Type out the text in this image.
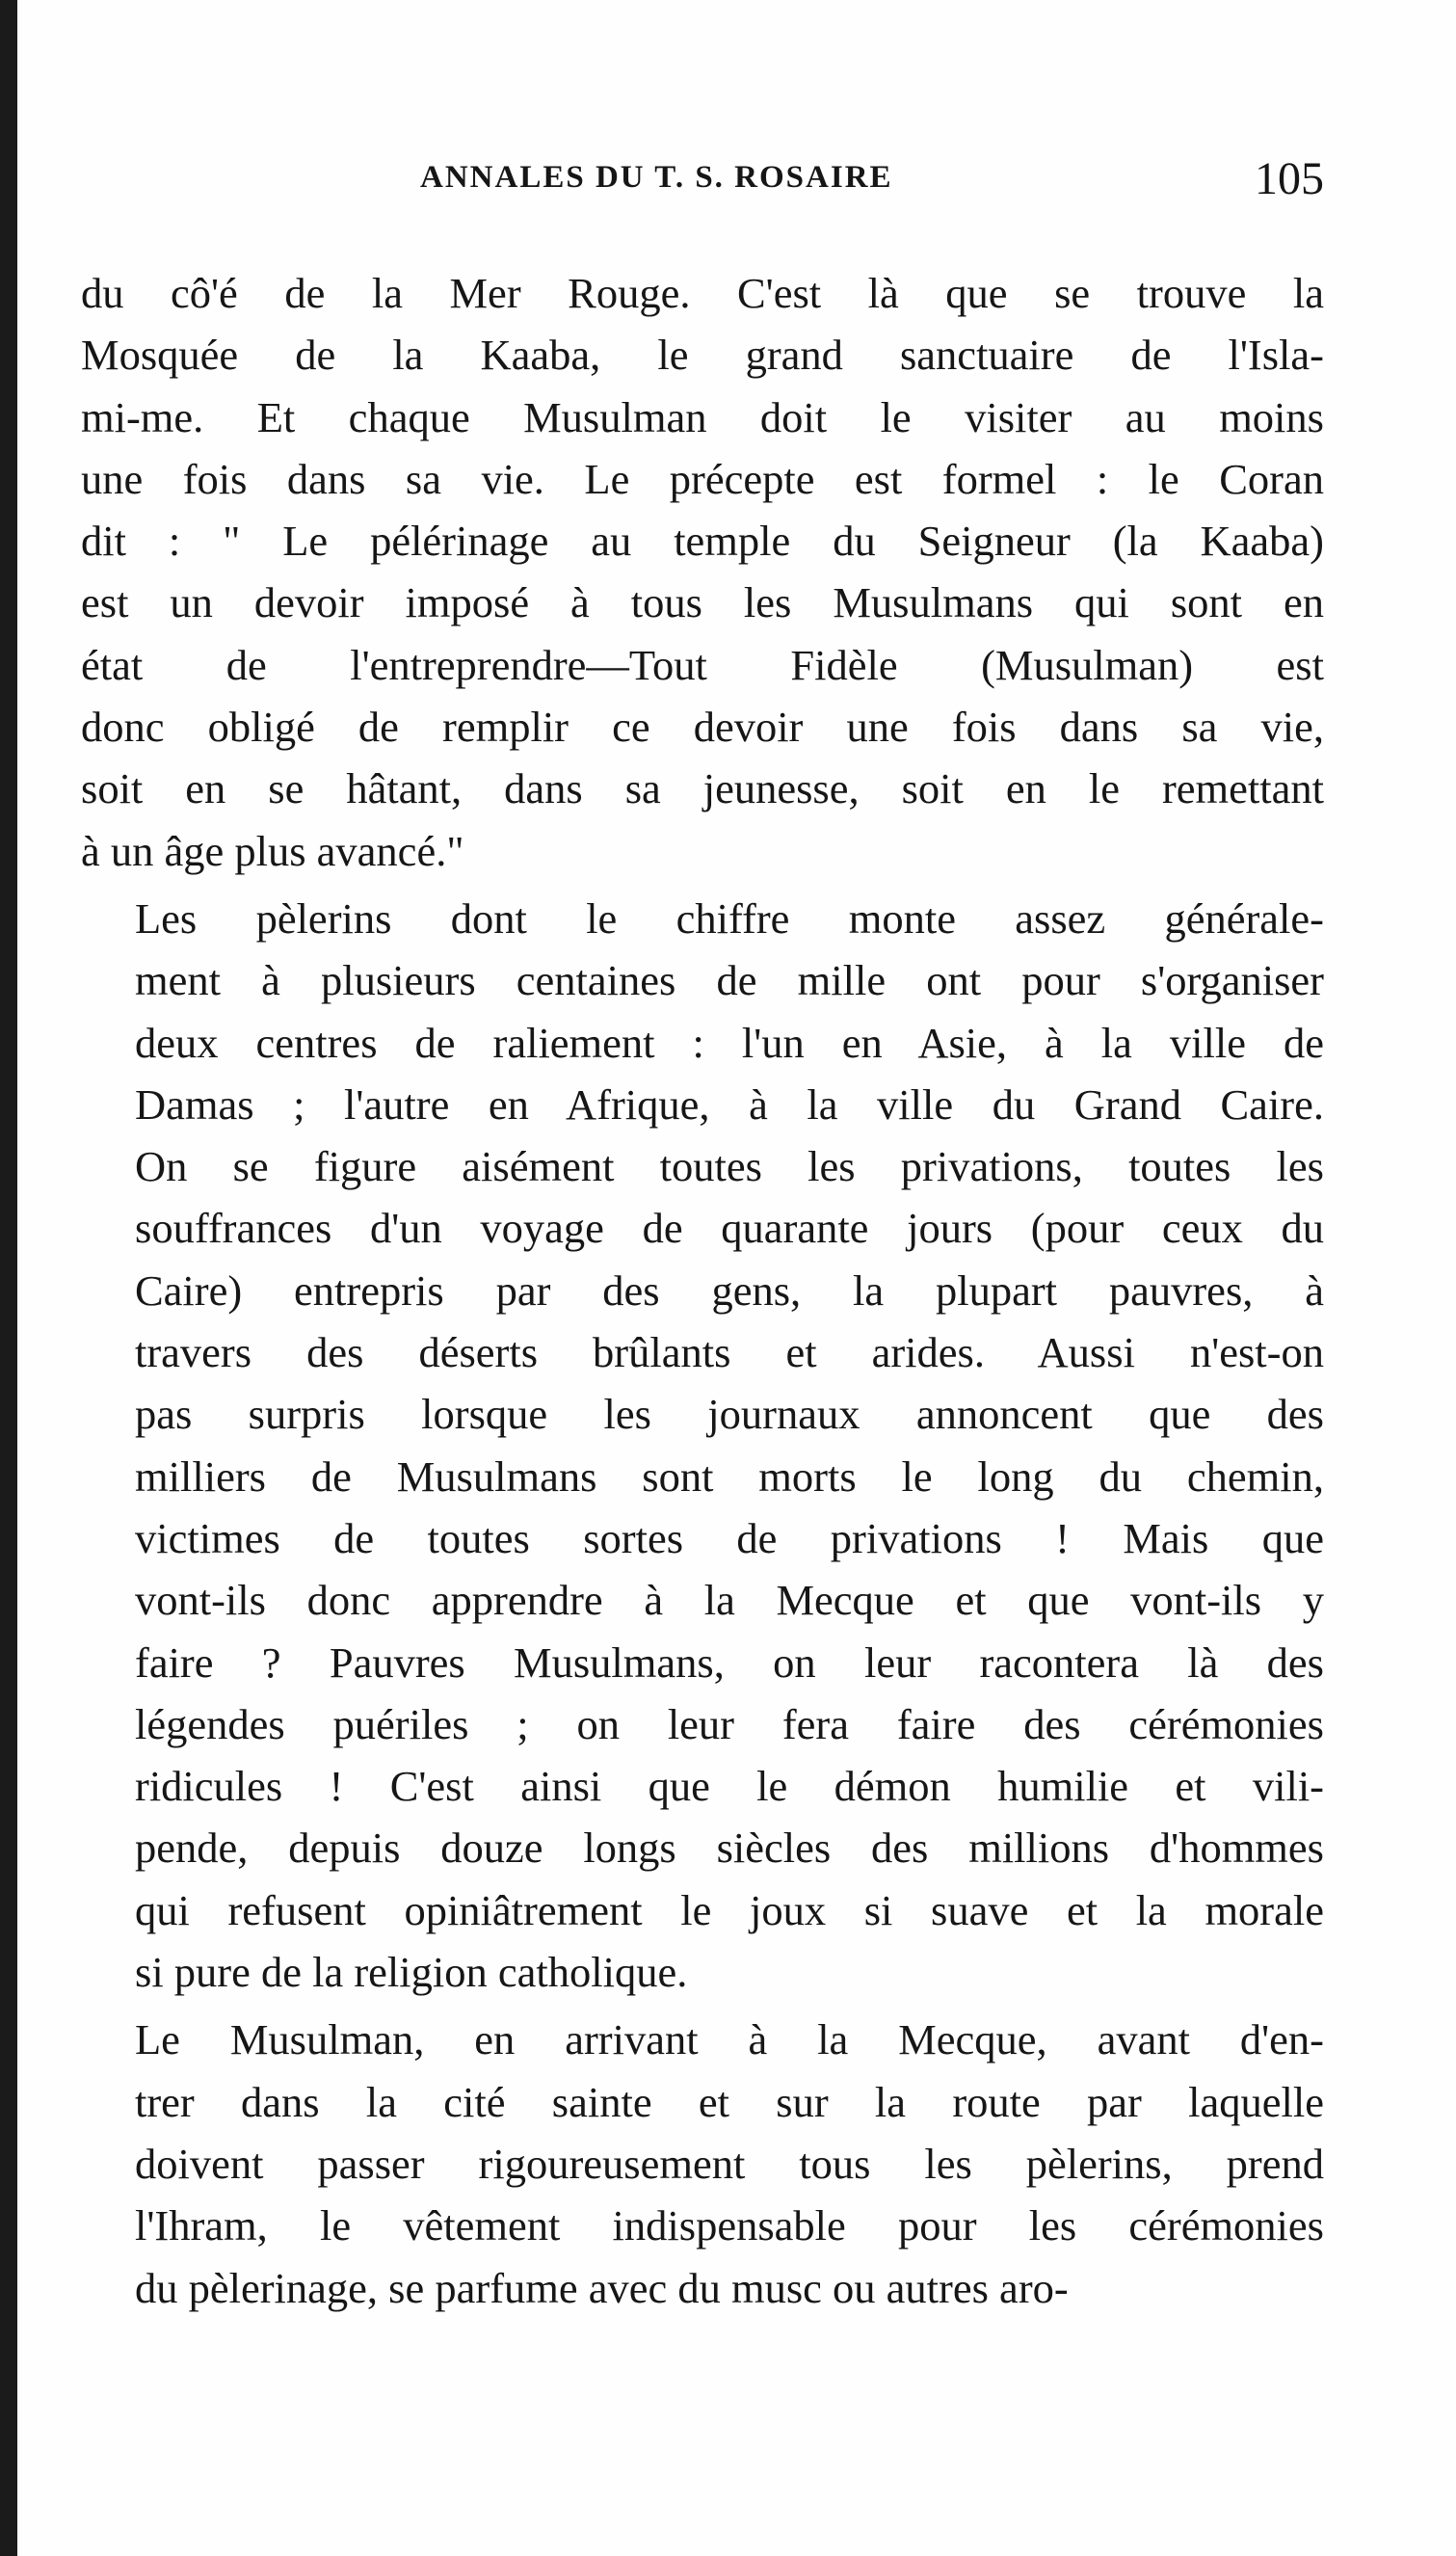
ANNALES DU T. S. ROSAIRE	105

du cô'é de la Mer Rouge. C'est là que se trouve la
Mosquée de la Kaaba, le grand sanctuaire de l'Isla-
mi-me. Et chaque Musulman doit le visiter au moins
une fois dans sa vie. Le précepte est formel : le Coran
dit : " Le pélérinage au temple du Seigneur (la Kaaba)
est un devoir imposé à tous les Musulmans qui sont en
état de l'entreprendre—Tout Fidèle (Musulman) est
donc obligé de remplir ce devoir une fois dans sa vie,
soit en se hâtant, dans sa jeunesse, soit en le remettant
à un âge plus avancé."

Les pèlerins dont le chiffre monte assez généralе-
ment à plusieurs centaines de mille ont pour s'organiser
deux centres de raliement : l'un en Asie, à la ville de
Damas ; l'autre en Afrique, à la ville du Grand Caire.
On se figure aisément toutes les privations, toutes les
souffrances d'un voyage de quarante jours (pour ceux du
Caire) entrepris par des gens, la plupart pauvres, à
travers des déserts brûlants et arides. Aussi n'est-on
pas surpris lorsque les journaux annoncent que des
milliers de Musulmans sont morts le long du chemin,
victimes de toutes sortes de privations ! Mais que
vont-ils donc apprendre à la Mecque et que vont-ils y
faire ? Pauvres Musulmans, on leur racontera là des
légendes puériles ; on leur fera faire des cérémonies
ridicules ! C'est ainsi que le démon humilie et vili-
pende, depuis douze longs siècles des millions d'hommes
qui refusent opiniâtrement le joux si suave et la morale
si pure de la religion catholique.

Le Musulman, en arrivant à la Mecque, avant d'en-
trer dans la cité sainte et sur la route par laquelle
doivent passer rigoureusement tous les pèlerins, prend
l'Ihram, le vêtement indispensable pour les cérémonies
du pèlerinage, se parfume avec du musc ou autres aro-
